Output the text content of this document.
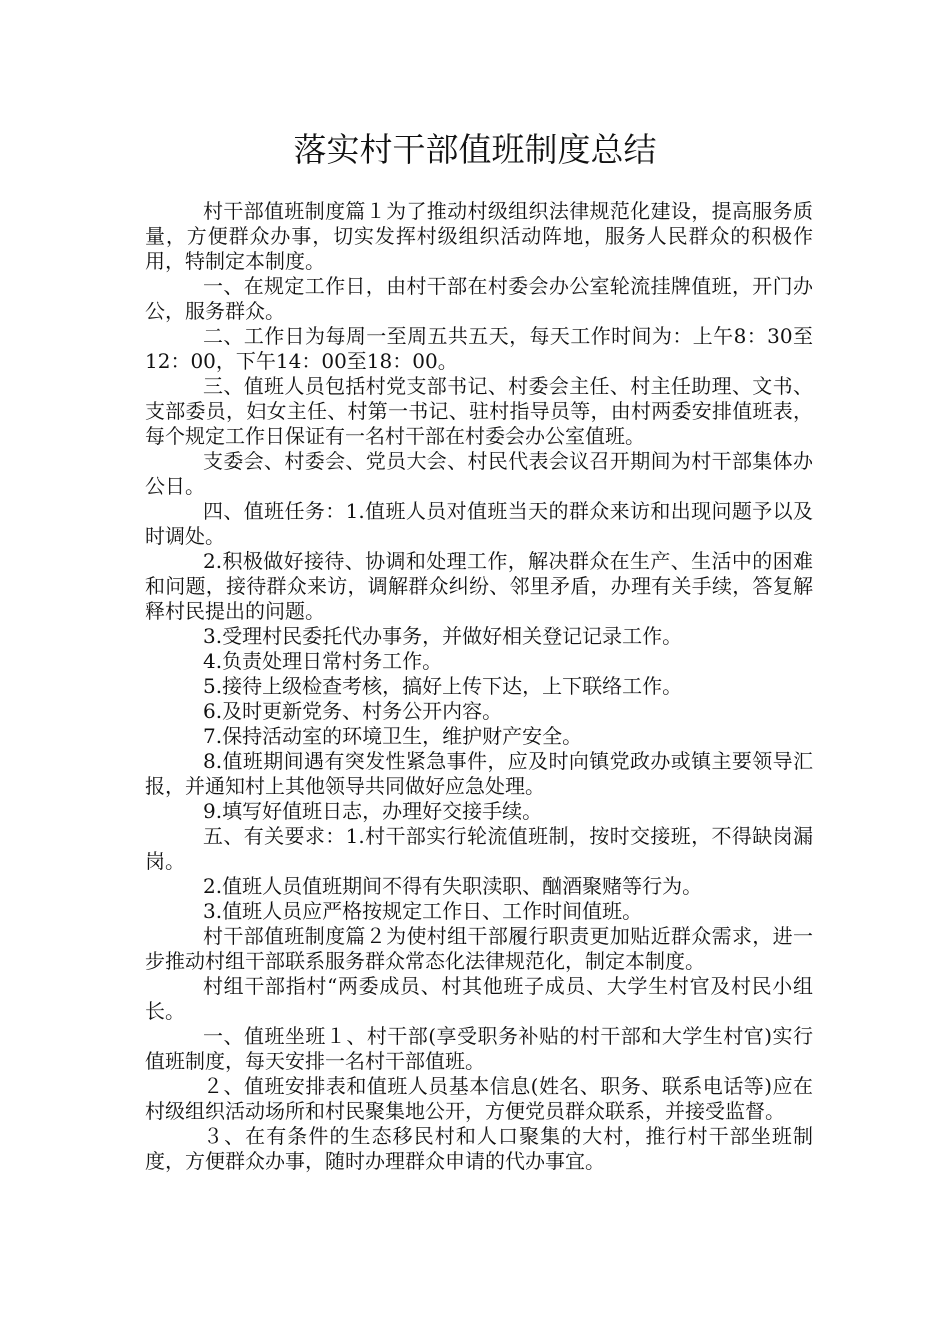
落实村干部值班制度总结

村干部值班制度篇１为了推动村级组织法律规范化建设，提高服务质量，方便群众办事，切实发挥村级组织活动阵地，服务人民群众的积极作用，特制定本制度。

一、在规定工作日，由村干部在村委会办公室轮流挂牌值班，开门办公，服务群众。

二、工作日为每周一至周五共五天，每天工作时间为：上午8：30至12：00，下午14：00至18：00。

三、值班人员包括村党支部书记、村委会主任、村主任助理、文书、支部委员，妇女主任、村第一书记、驻村指导员等，由村两委安排值班表，每个规定工作日保证有一名村干部在村委会办公室值班。

支委会、村委会、党员大会、村民代表会议召开期间为村干部集体办公日。

四、值班任务：1.值班人员对值班当天的群众来访和出现问题予以及时调处。

2.积极做好接待、协调和处理工作，解决群众在生产、生活中的困难和问题，接待群众来访，调解群众纠纷、邻里矛盾，办理有关手续，答复解释村民提出的问题。

3.受理村民委托代办事务，并做好相关登记记录工作。

4.负责处理日常村务工作。

5.接待上级检查考核，搞好上传下达，上下联络工作。

6.及时更新党务、村务公开内容。

7.保持活动室的环境卫生，维护财产安全。

8.值班期间遇有突发性紧急事件，应及时向镇党政办或镇主要领导汇报，并通知村上其他领导共同做好应急处理。

9.填写好值班日志，办理好交接手续。

五、有关要求：1.村干部实行轮流值班制，按时交接班，不得缺岗漏岗。

2.值班人员值班期间不得有失职渎职、酗酒聚赌等行为。

3.值班人员应严格按规定工作日、工作时间值班。

村干部值班制度篇２为使村组干部履行职责更加贴近群众需求，进一步推动村组干部联系服务群众常态化法律规范化，制定本制度。

村组干部指村“两委成员、村其他班子成员、大学生村官及村民小组长。

一、值班坐班１、村干部(享受职务补贴的村干部和大学生村官)实行值班制度，每天安排一名村干部值班。

２、值班安排表和值班人员基本信息(姓名、职务、联系电话等)应在村级组织活动场所和村民聚集地公开，方便党员群众联系，并接受监督。

３、在有条件的生态移民村和人口聚集的大村，推行村干部坐班制度，方便群众办事，随时办理群众申请的代办事宜。
